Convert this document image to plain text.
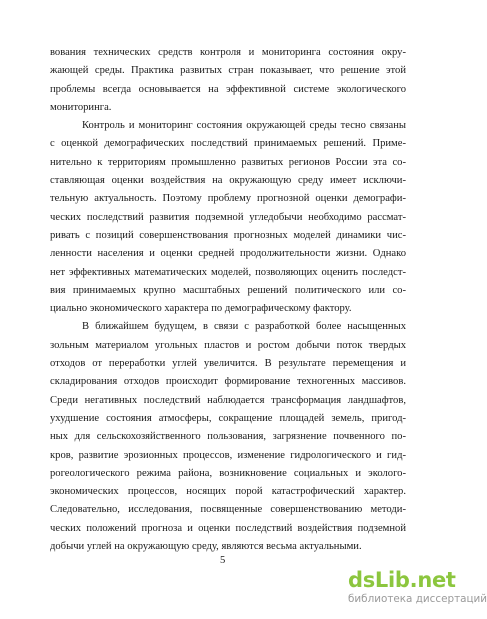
вования технических средств контроля и мониторинга состояния окру-
жающей среды. Практика развитых стран показывает, что решение этой
проблемы всегда основывается на эффективной системе экологического
мониторинга.
Контроль и мониторинг состояния окружающей среды тесно связаны
с оценкой демографических последствий принимаемых решений. Приме-
нительно к территориям промышленно развитых регионов России эта со-
ставляющая оценки воздействия на окружающую среду имеет исключи-
тельную актуальность. Поэтому проблему прогнозной оценки демографи-
ческих последствий развития подземной угледобычи необходимо рассмат-
ривать с позиций совершенствования прогнозных моделей динамики чис-
ленности населения и оценки средней продолжительности жизни. Однако
нет эффективных математических моделей, позволяющих оценить последст-
вия принимаемых крупно масштабных решений политического или со-
циально экономического характера по демографическому фактору.
В ближайшем будущем, в связи с разработкой более насыщенных
зольным материалом угольных пластов и ростом добычи поток твердых
отходов от переработки углей увеличится. В результате перемещения и
складирования отходов происходит формирование техногенных массивов.
Среди негативных последствий наблюдается трансформация ландшафтов,
ухудшение состояния атмосферы, сокращение площадей земель, пригод-
ных для сельскохозяйственного пользования, загрязнение почвенного по-
кров, развитие эрозионных процессов, изменение гидрологического и гид-
рогеологического режима района, возникновение социальных и эколого-
экономических процессов, носящих порой катастрофический характер.
Следовательно, исследования, посвященные совершенствованию методи-
ческих положений прогноза и оценки последствий воздействия подземной
добычи углей на окружающую среду, являются весьма актуальными.
5
dsLib.net
библиотека диссертаций
